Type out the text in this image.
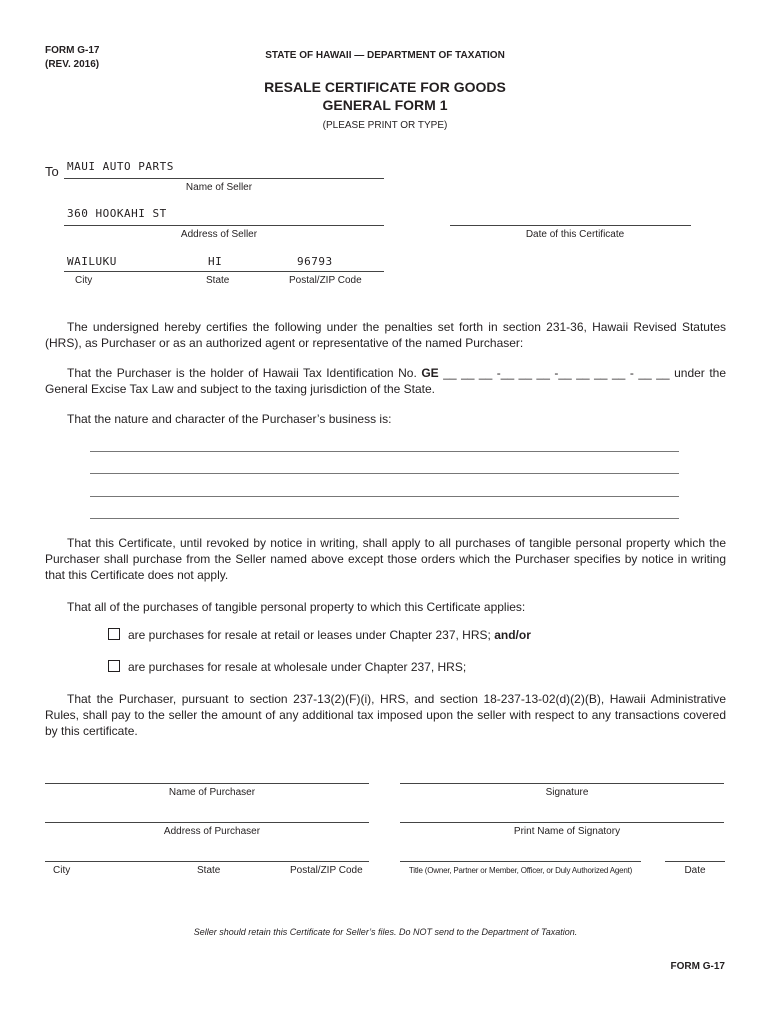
FORM G-17
(REV. 2016)
STATE OF HAWAII — DEPARTMENT OF TAXATION
RESALE CERTIFICATE FOR GOODS
GENERAL FORM 1
(PLEASE PRINT OR TYPE)
To MAUI AUTO PARTS
Name of Seller
360 HOOKAHI ST
Address of Seller	Date of this Certificate
WAILUKU	HI	96793
City	State	Postal/ZIP Code
The undersigned hereby certifies the following under the penalties set forth in section 231-36, Hawaii Revised Statutes (HRS), as Purchaser or as an authorized agent or representative of the named Purchaser:
That the Purchaser is the holder of Hawaii Tax Identification No. GE __ __ __ -__ __ __ -__ __ __ __ - __ __ under the General Excise Tax Law and subject to the taxing jurisdiction of the State.
That the nature and character of the Purchaser’s business is:
That this Certificate, until revoked by notice in writing, shall apply to all purchases of tangible personal property which the Purchaser shall purchase from the Seller named above except those orders which the Purchaser specifies by notice in writing that this Certificate does not apply.
That all of the purchases of tangible personal property to which this Certificate applies:
are purchases for resale at retail or leases under Chapter 237, HRS; and/or
are purchases for resale at wholesale under Chapter 237, HRS;
That the Purchaser, pursuant to section 237-13(2)(F)(i), HRS, and section 18-237-13-02(d)(2)(B), Hawaii Administrative Rules, shall pay to the seller the amount of any additional tax imposed upon the seller with respect to any transactions covered by this certificate.
Name of Purchaser	Signature
Address of Purchaser	Print Name of Signatory
City	State	Postal/ZIP Code	Title (Owner, Partner or Member, Officer, or Duly Authorized Agent)	Date
Seller should retain this Certificate for Seller’s files. Do NOT send to the Department of Taxation.
FORM G-17
